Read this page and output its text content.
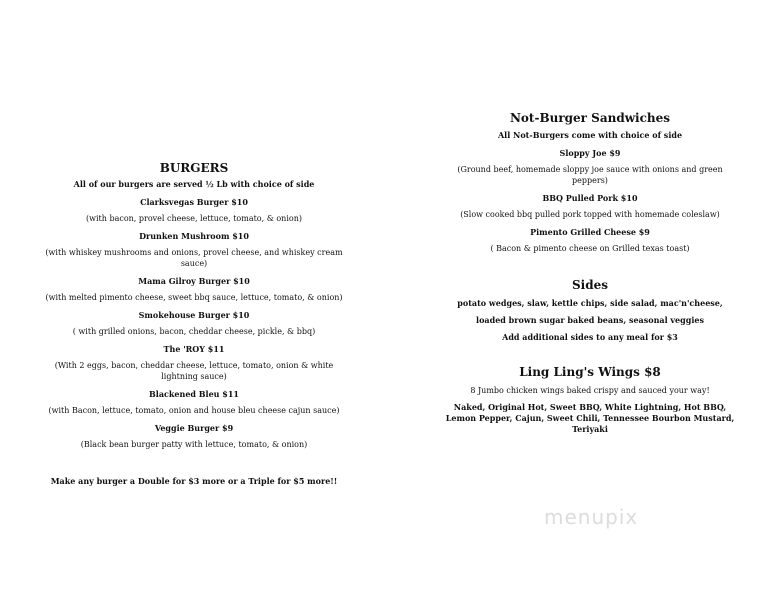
BURGERS

All of our burgers are served ½ Lb with choice of side

Clarksvegas Burger $10

(with bacon, provel cheese, lettuce, tomato, & onion)

Drunken Mushroom $10

(with whiskey mushrooms and onions, provel cheese, and whiskey cream sauce)

Mama Gilroy Burger $10

(with melted pimento cheese, sweet bbq sauce, lettuce, tomato, & onion)

Smokehouse Burger $10

( with grilled onions, bacon, cheddar cheese, pickle, & bbq)

The 'ROY $11

(With 2 eggs, bacon, cheddar cheese, lettuce, tomato, onion & white lightning sauce)

Blackened Bleu $11

(with Bacon, lettuce, tomato, onion and house bleu cheese cajun sauce)

Veggie Burger $9

(Black bean burger patty with lettuce, tomato, & onion)

Make any burger a Double for $3 more or a Triple for $5 more!!

Not-Burger Sandwiches

All Not-Burgers come with choice of side

Sloppy Joe $9

(Ground beef, homemade sloppy joe sauce with onions and green peppers)

BBQ Pulled Pork $10

(Slow cooked bbq pulled pork topped with homemade coleslaw)

Pimento Grilled Cheese $9

( Bacon & pimento cheese on Grilled texas toast)

Sides

potato wedges, slaw, kettle chips, side salad, mac'n'cheese,

loaded brown sugar baked beans, seasonal veggies

Add additional sides to any meal for $3

Ling Ling's Wings $8

8 Jumbo chicken wings baked crispy and sauced your way!

Naked, Original Hot, Sweet BBQ, White Lightning, Hot BBQ, Lemon Pepper, Cajun, Sweet Chili, Tennessee Bourbon Mustard, Teriyaki

menupix
